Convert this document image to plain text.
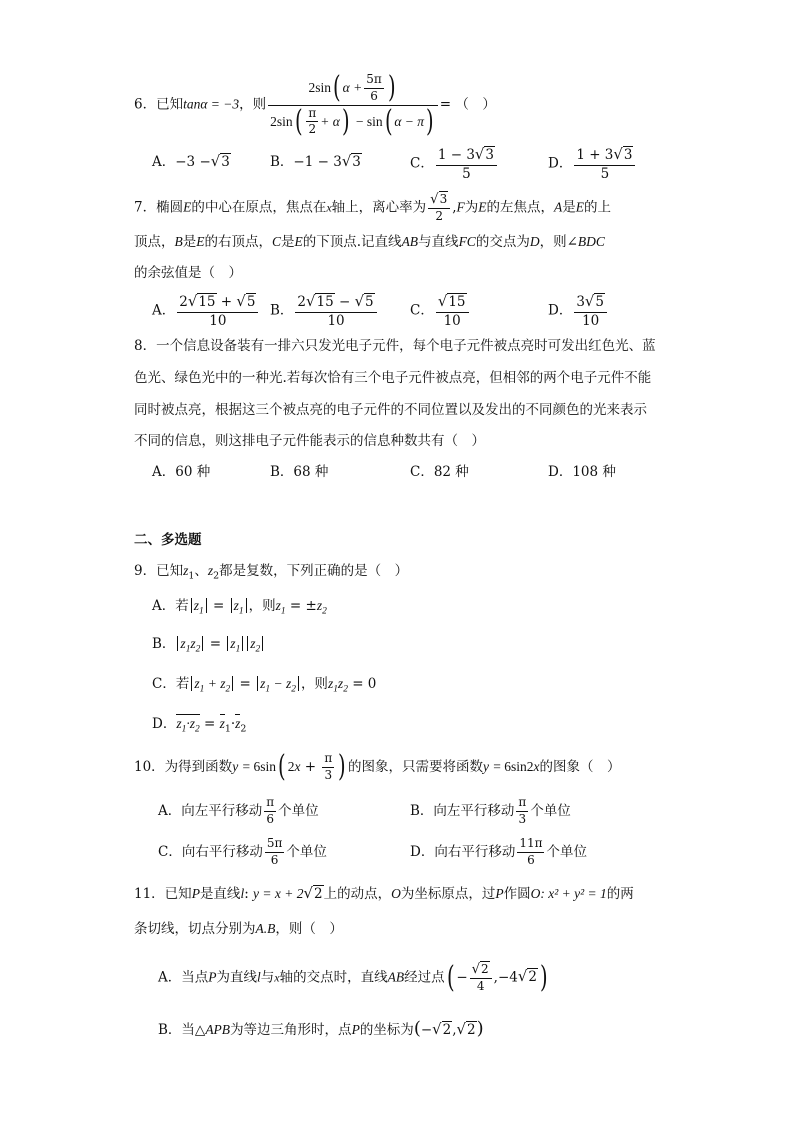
6．已知tanα = −3，则 $\frac{2\sin( \alpha + \frac{5\pi}{6} )}{2\sin( \frac{\pi}{2} + \alpha) - \sin( \alpha - \pi)}$ = （　）
A．−3 −√3	B．−1 − 3√3	C． $\frac{1 - 3√3}{5}$	D． $\frac{1 + 3√3}{5}$
7．椭圆E的中心在原点，焦点在x轴上，离心率为 $\frac{√3}{2} ,F$为E的左焦点，A是E的上
顶点，B是E的右顶点，C是E的下顶点.记直线AB与直线FC的交点为D，则∠BDC
的余弦值是（　）
A． $\frac{2√15 + √5}{10}$ B． $\frac{2√15 - √5}{10}$ C． $\frac{√15}{10}$	D． $\frac{3√5}{10}$
8．一个信息设备装有一排六只发光电子元件，每个电子元件被点亮时可发出红色光、蓝
色光、绿色光中的一种光.若每次恰有三个电子元件被点亮，但相邻的两个电子元件不能
同时被点亮，根据这三个被点亮的电子元件的不同位置以及发出的不同颜色的光来表示
不同的信息，则这排电子元件能表示的信息种数共有（　）
A．60 种	B．68 种	C．82 种	D．108 种
二、多选题
9．已知$z_1$、$z_2$都是复数，下列正确的是（　）
A．若 $z_1 = z_1$ ，则$z_1 = \pm z_2$
B． $z_1z_2 = z_1$ $z_2$
C．若 $z_1 + z_2 = z_1 - z_2$ ，则$z_1z_2 = 0$
D．$z_1\cdot z_2 = z_1\cdot z_2$
10．为得到函数y = 6sin( $2x + \frac{\pi}{3}$ ) 的图象，只需要将函数y = 6sin2x的图象（　）
A．向左平行移动 $\frac{\pi}{6}$ 个单位	B．向左平行移动 $\frac{\pi}{3}$ 个单位
C．向右平行移动 $\frac{5\pi}{6}$ 个单位	D．向右平行移动 $\frac{11\pi}{6}$ 个单位
11．已知P是直线l: y = x + 2√2上的动点，O为坐标原点，过P作圆O: x² + y² = 1的两
条切线，切点分别为A.B，则（　）
A．当点P为直线l与x轴的交点时，直线AB经过点( − $\frac{√2}{4} ,-4√2$ )
B．当△APB为等边三角形时，点P的坐标为(−√2,√2)
